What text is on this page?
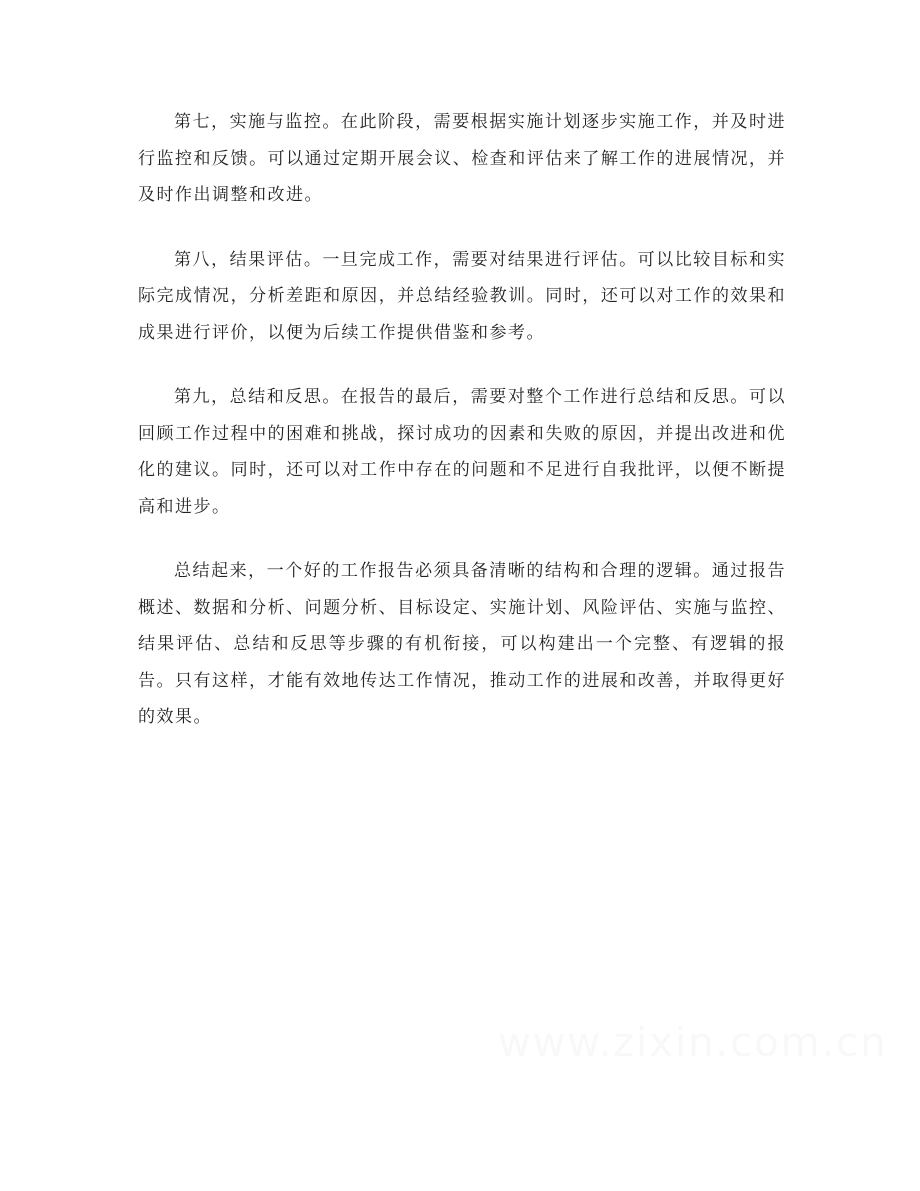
第七，实施与监控。在此阶段，需要根据实施计划逐步实施工作，并及时进行监控和反馈。可以通过定期开展会议、检查和评估来了解工作的进展情况，并及时作出调整和改进。

第八，结果评估。一旦完成工作，需要对结果进行评估。可以比较目标和实际完成情况，分析差距和原因，并总结经验教训。同时，还可以对工作的效果和成果进行评价，以便为后续工作提供借鉴和参考。

第九，总结和反思。在报告的最后，需要对整个工作进行总结和反思。可以回顾工作过程中的困难和挑战，探讨成功的因素和失败的原因，并提出改进和优化的建议。同时，还可以对工作中存在的问题和不足进行自我批评，以便不断提高和进步。

总结起来，一个好的工作报告必须具备清晰的结构和合理的逻辑。通过报告概述、数据和分析、问题分析、目标设定、实施计划、风险评估、实施与监控、结果评估、总结和反思等步骤的有机衔接，可以构建出一个完整、有逻辑的报告。只有这样，才能有效地传达工作情况，推动工作的进展和改善，并取得更好的效果。

www.zixin.com.cn
